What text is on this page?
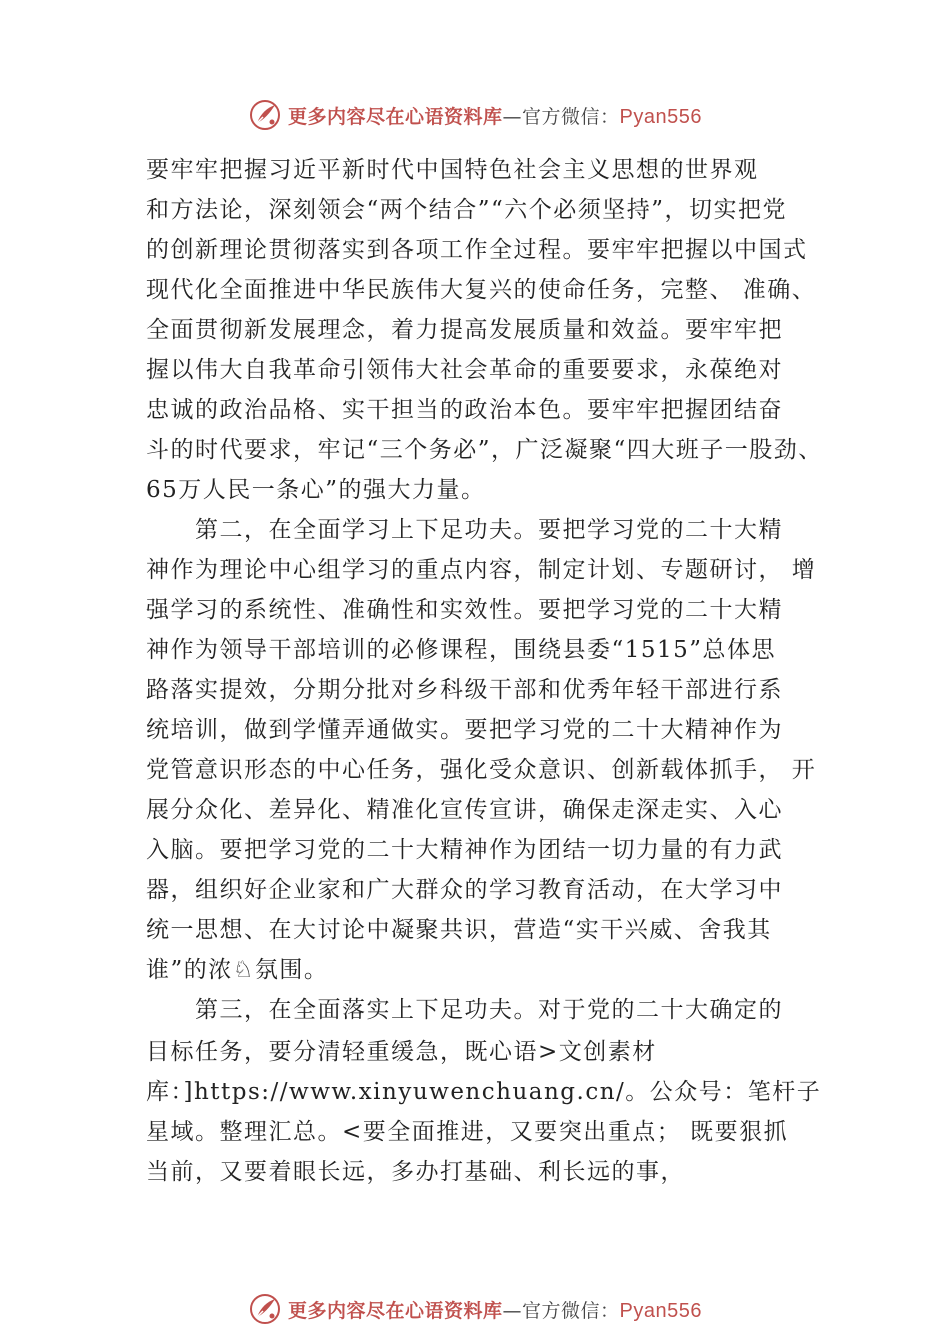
更多内容尽在心语资料库—官方微信：Pyan556
要牢牢把握习近平新时代中国特色社会主义思想的世界观
和方法论，深刻领会“两个结合”“六个必须坚持”，切实把党
的创新理论贯彻落实到各项工作全过程。要牢牢把握以中国式
现代化全面推进中华民族伟大复兴的使命任务，完整、 准确、
全面贯彻新发展理念，着力提高发展质量和效益。要牢牢把
握以伟大自我革命引领伟大社会革命的重要要求，永葆绝对
忠诚的政治品格、实干担当的政治本色。要牢牢把握团结奋
斗的时代要求，牢记“三个务必”，广泛凝聚“四大班子一股劲、
65万人民一条心”的强大力量。
　　第二，在全面学习上下足功夫。要把学习党的二十大精
神作为理论中心组学习的重点内容，制定计划、专题研讨， 增
强学习的系统性、准确性和实效性。要把学习党的二十大精
神作为领导干部培训的必修课程，围绕县委“1515”总体思
路落实提效，分期分批对乡科级干部和优秀年轻干部进行系
统培训，做到学懂弄通做实。要把学习党的二十大精神作为
党管意识形态的中心任务，强化受众意识、创新载体抓手， 开
展分众化、差异化、精准化宣传宣讲，确保走深走实、入心
入脑。要把学习党的二十大精神作为团结一切力量的有力武
器，组织好企业家和广大群众的学习教育活动，在大学习中
统一思想、在大讨论中凝聚共识，营造“实干兴威、舍我其
谁”的浓♘氛围。
　　第三，在全面落实上下足功夫。对于党的二十大确定的
目标任务，要分清轻重缓急，既心语>文创素材
库：]https://www.xinyuwenchuang.cn/。公众号：笔杆子
星域。整理汇总。<要全面推进，又要突出重点； 既要狠抓
当前，又要着眼长远，多办打基础、利长远的事，
更多内容尽在心语资料库—官方微信：Pyan556
